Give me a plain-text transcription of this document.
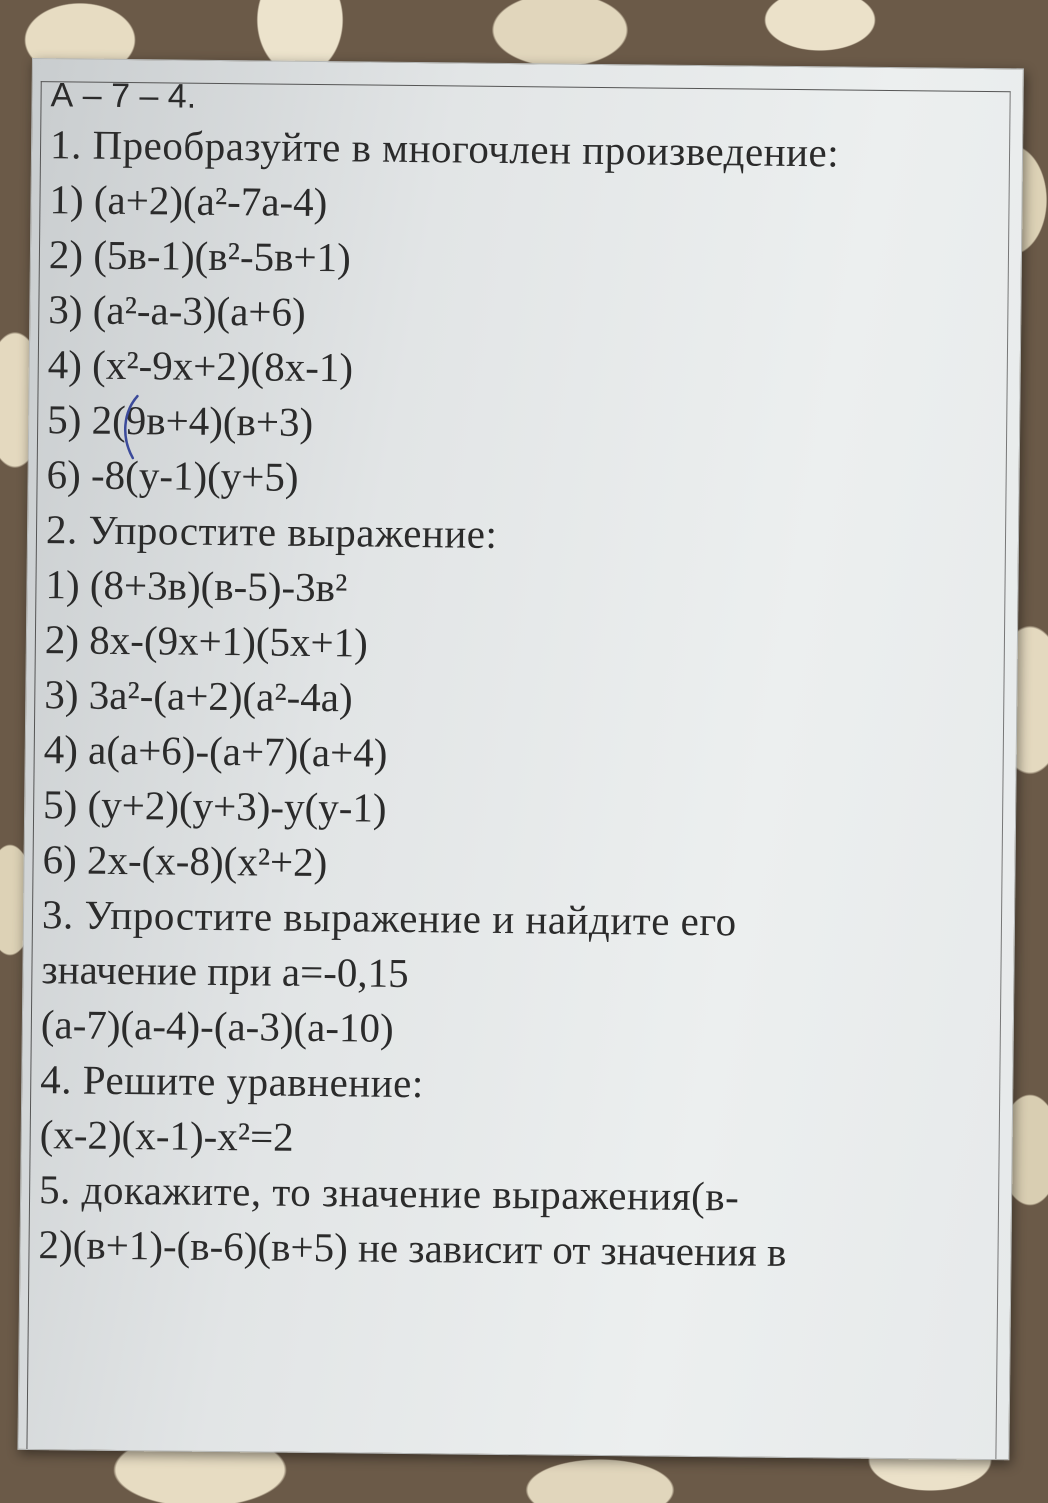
А – 7 – 4.
1. Преобразуйте в многочлен произведение:
1) (а+2)(а²-7а-4)
2) (5в-1)(в²-5в+1)
3) (а²-а-3)(а+6)
4) (х²-9х+2)(8х-1)
5) 2(9в+4)(в+3)
6) -8(у-1)(у+5)
2. Упростите выражение:
1) (8+3в)(в-5)-3в²
2) 8х-(9х+1)(5х+1)
3) 3а²-(а+2)(а²-4а)
4) а(а+6)-(а+7)(а+4)
5) (у+2)(у+3)-у(у-1)
6) 2х-(х-8)(х²+2)
3. Упростите выражение и найдите его
значение при а=-0,15
(а-7)(а-4)-(а-3)(а-10)
4. Решите уравнение:
(х-2)(х-1)-х²=2
5. докажите, то значение выражения(в-
2)(в+1)-(в-6)(в+5) не зависит от значения в
